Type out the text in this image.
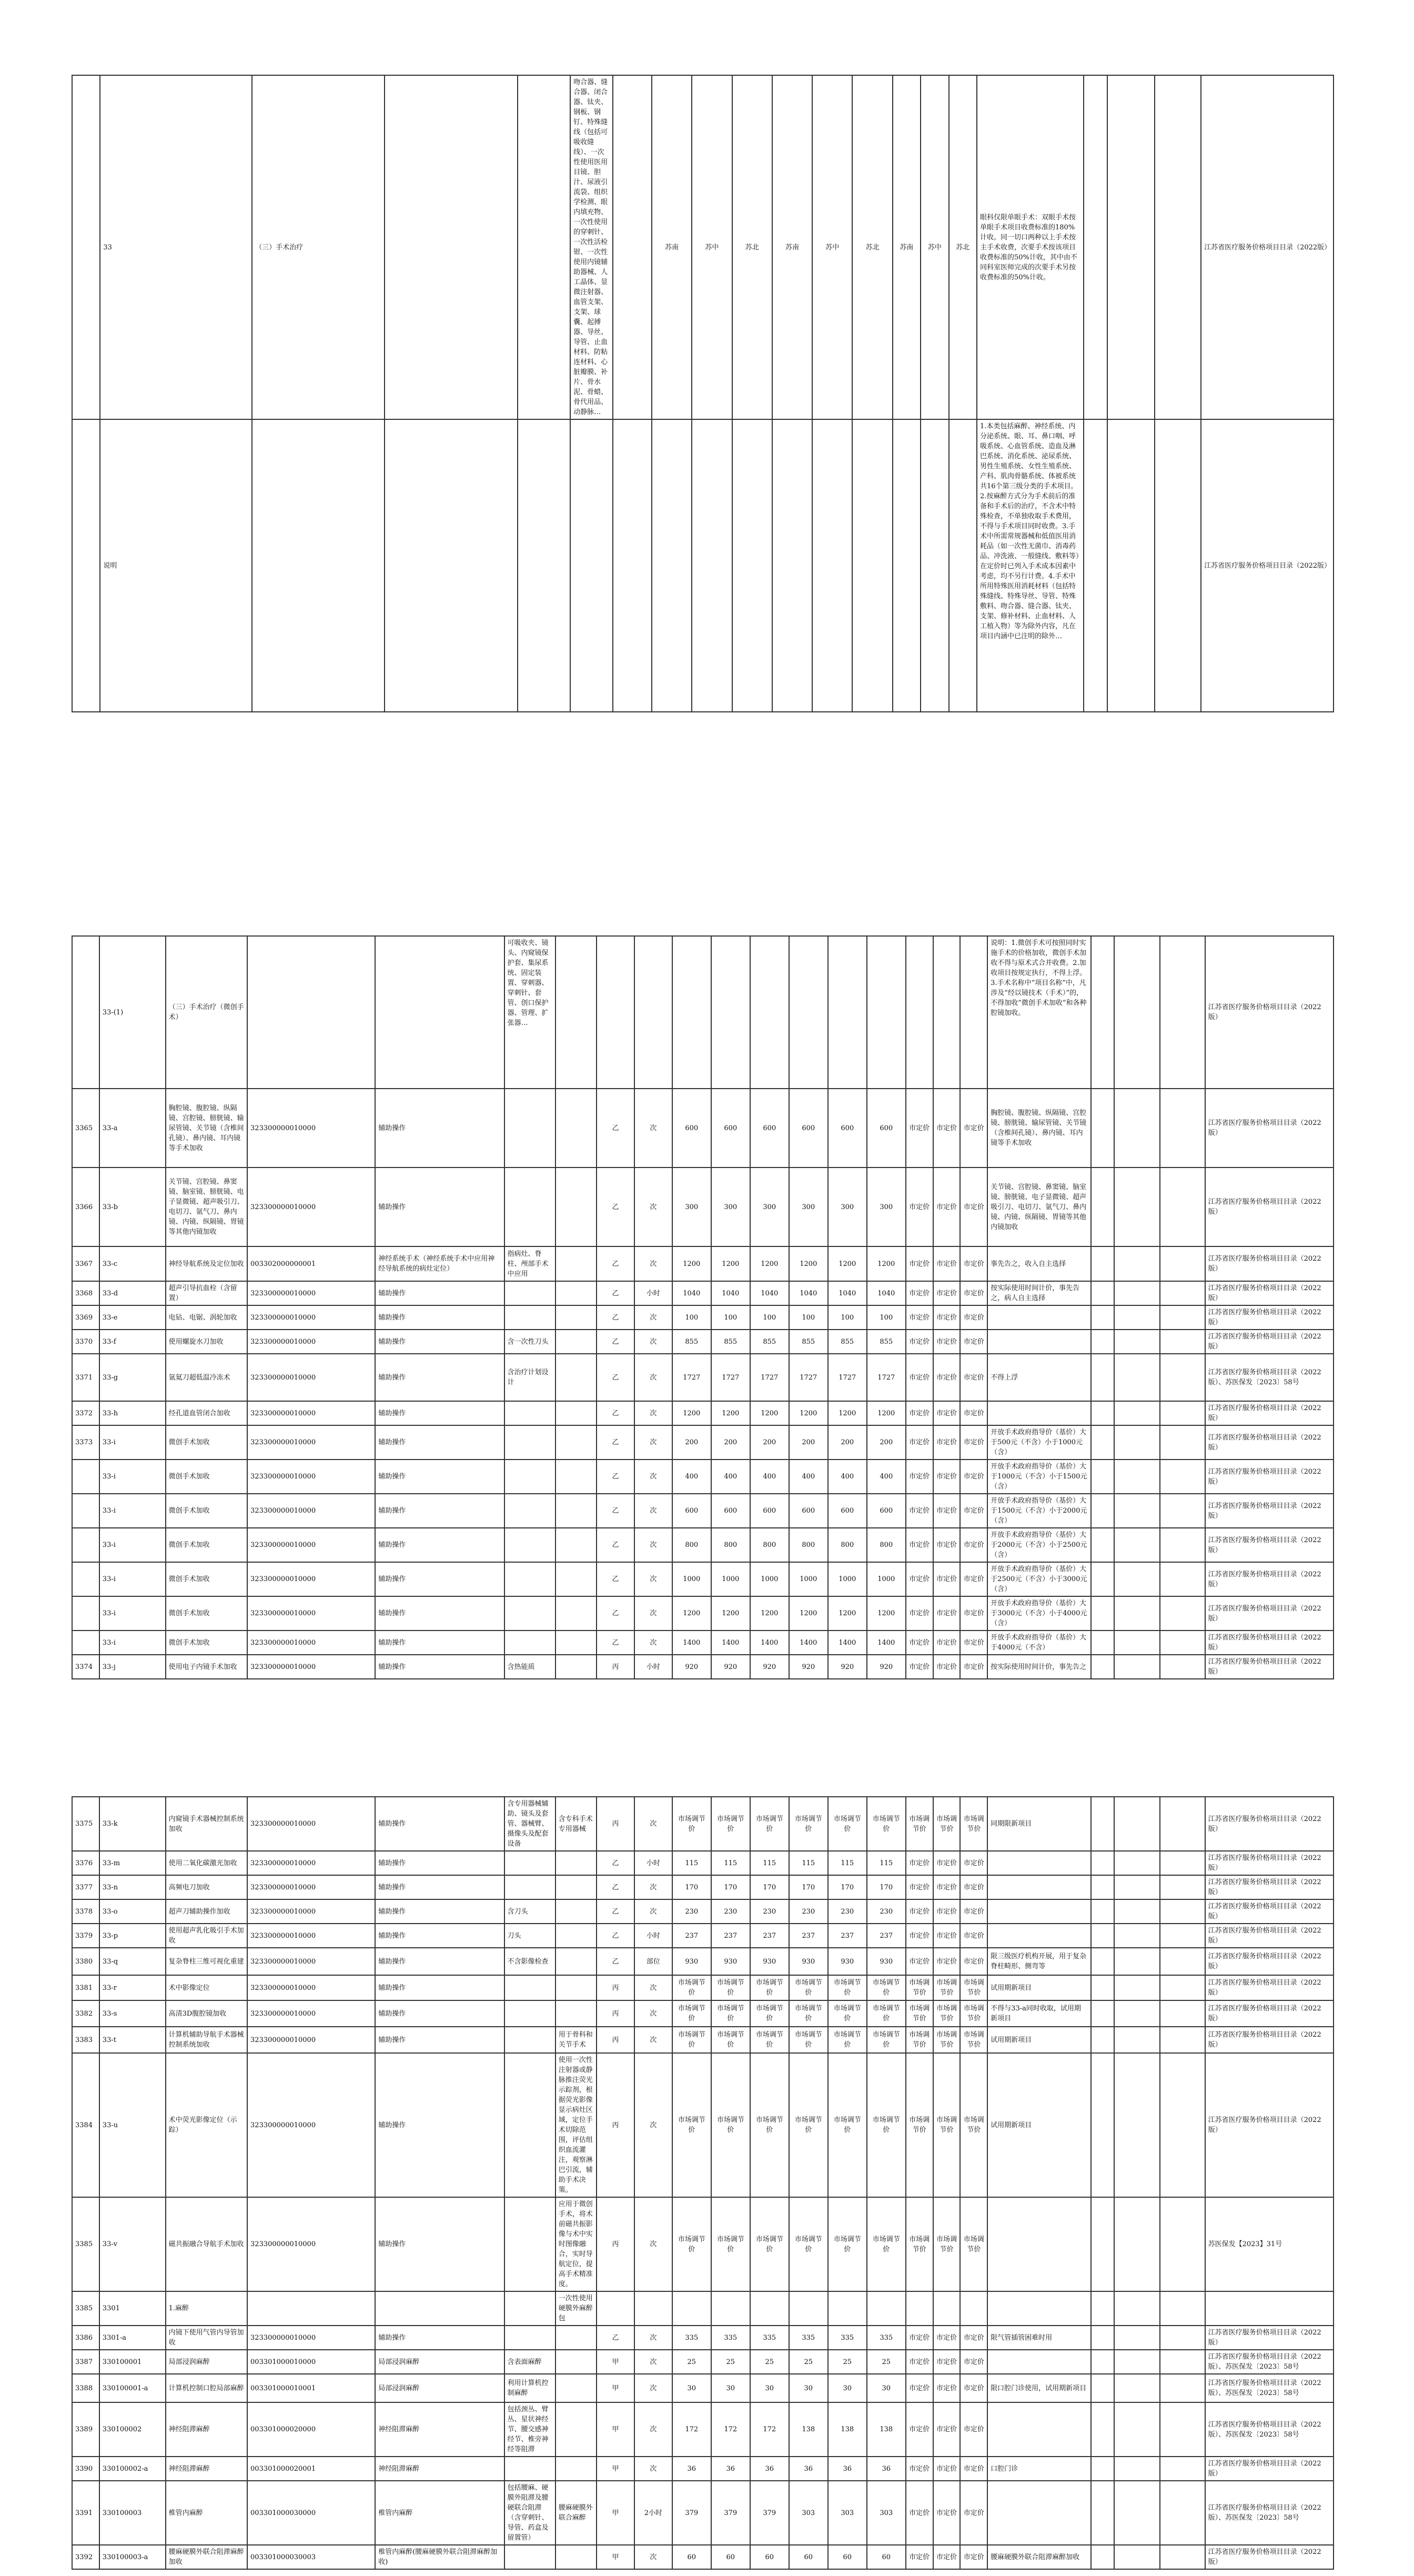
	33	（三）手术治疗			吻合器、缝合器、闭合器、钛夹、钢板、钢钉、特殊缝线（包括可吸收缝线）、一次性使用医用目镜、胆汁、尿液引流袋、组织学检测、眼内填充物、一次性使用的穿刺针、一次性活检钳、一次性使用内镜辅助器械、人工晶体、显微注射器、血管支架、支架、球囊、起搏器、导丝、导管、止血材料、防粘连材料、心脏瓣膜、补片、骨水泥、骨蜡、骨代用品、动静脉…		苏南	苏中	苏北	苏南	苏中	苏北	苏南	苏中	苏北	眼科仅限单眼手术：双眼手术按单眼手术项目收费标准的180%计收。同一切口两种以上手术按主手术收费，次要手术按该项目收费标准的50%计收，其中由不同科室医师完成的次要手术另按收费标准的50%计收。				江苏省医疗服务价格项目目录（2022版）
	说明															1.本类包括麻醉、神经系统、内分泌系统、眼、耳、鼻口咽、呼吸系统、心血管系统、造血及淋巴系统、消化系统、泌尿系统、男性生殖系统、女性生殖系统、产科、肌肉骨骼系统、体被系统共16个第三级分类的手术项目。2.按麻醉方式分为手术前后的准备和手术后的治疗，不含术中特殊检查，不单独收取手术费用，不得与手术项目同时收费。3.手术中所需常规器械和低值医用消耗品（如一次性无菌巾、消毒药品、冲洗液、一般缝线、敷料等）在定价时已列入手术成本因素中考虑，均不另行计费。4.手术中所用特殊医用消耗材料（包括特殊缝线、特殊导丝、导管、特殊敷料、吻合器、缝合器、钛夹、支架、修补材料、止血材料、人工植入物）等为除外内容，凡在项目内涵中已注明的除外…				江苏省医疗服务价格项目目录（2022版）
	33-(1)	（三）手术治疗（微创手术）			可吸收夹、镜头、内窥镜保护套、集尿系统、固定装置、穿刺器、穿刺针、套管、创口保护器、管理、扩张器…													说明：1.微创手术可按照同时实施手术的价格加收，微创手术加收不得与原术式合并收费。2.加收项目按规定执行，不得上浮。3.手术名称中“项目名称”中，凡涉及“经以镜技术（手术）”的，不得加收“微创手术加收”和各种腔镜加收。				江苏省医疗服务价格项目目录（2022版）
3365	33-a	胸腔镜、腹腔镜、纵隔镜、宫腔镜、膀胱镜、输尿管镜、关节镜（含椎间孔镜）、鼻内镜、耳内镜等手术加收	323300000010000	辅助操作			乙	次	600	600	600	600	600	600	市定价	市定价	市定价	胸腔镜、腹腔镜、纵隔镜、宫腔镜、膀胱镜、输尿管镜、关节镜（含椎间孔镜）、鼻内镜、耳内镜等手术加收				江苏省医疗服务价格项目目录（2022版）
3366	33-b	关节镜、宫腔镜、鼻窦镜、脑室镜、膀胱镜、电子显微镜、超声吸引刀、电切刀、氩气刀、鼻内镜、内镜、纵隔镜、胃镜等其他内镜加收	323300000010000	辅助操作			乙	次	300	300	300	300	300	300	市定价	市定价	市定价	关节镜、宫腔镜、鼻窦镜、脑室镜、膀胱镜、电子显微镜、超声吸引刀、电切刀、氩气刀、鼻内镜、内镜、纵隔镜、胃镜等其他内镜加收				江苏省医疗服务价格项目目录（2022版）
3367	33-c	神经导航系统及定位加收	003302000000001	神经系统手术（神经系统手术中应用神经导航系统的病灶定位）	指病灶、脊柱、颅部手术中应用		乙	次	1200	1200	1200	1200	1200	1200	市定价	市定价	市定价	事先告之，收入自主选择				江苏省医疗服务价格项目目录（2022版）
3368	33-d	超声引导抗血栓（含留置）	323300000010000	辅助操作			乙	小时	1040	1040	1040	1040	1040	1040	市定价	市定价	市定价	按实际使用时间计价，事先告之，病人自主选择				江苏省医疗服务价格项目目录（2022版）
3369	33-e	电钻、电锯、涡轮加收	323300000010000	辅助操作			乙	次	100	100	100	100	100	100	市定价	市定价	市定价					江苏省医疗服务价格项目目录（2022版）
3370	33-f	使用螺旋水刀加收	323300000010000	辅助操作	含一次性刀头		乙	次	855	855	855	855	855	855	市定价	市定价	市定价					江苏省医疗服务价格项目目录（2022版）
3371	33-g	氩氦刀超低温冷冻术	323300000010000	辅助操作	含治疗计划设计		乙	次	1727	1727	1727	1727	1727	1727	市定价	市定价	市定价	不得上浮				江苏省医疗服务价格项目目录（2022版）、苏医保发〔2023〕58号
3372	33-h	经孔道血管闭合加收	323300000010000	辅助操作			乙	次	1200	1200	1200	1200	1200	1200	市定价	市定价	市定价					江苏省医疗服务价格项目目录（2022版）
3373	33-i	微创手术加收	323300000010000	辅助操作			乙	次	200	200	200	200	200	200	市定价	市定价	市定价	开放手术政府指导价（基价）大于500元（不含）小于1000元（含）				江苏省医疗服务价格项目目录（2022版）
	33-i	微创手术加收	323300000010000	辅助操作			乙	次	400	400	400	400	400	400	市定价	市定价	市定价	开放手术政府指导价（基价）大于1000元（不含）小于1500元（含）				江苏省医疗服务价格项目目录（2022版）
	33-i	微创手术加收	323300000010000	辅助操作			乙	次	600	600	600	600	600	600	市定价	市定价	市定价	开放手术政府指导价（基价）大于1500元（不含）小于2000元（含）				江苏省医疗服务价格项目目录（2022版）
	33-i	微创手术加收	323300000010000	辅助操作			乙	次	800	800	800	800	800	800	市定价	市定价	市定价	开放手术政府指导价（基价）大于2000元（不含）小于2500元（含）				江苏省医疗服务价格项目目录（2022版）
	33-i	微创手术加收	323300000010000	辅助操作			乙	次	1000	1000	1000	1000	1000	1000	市定价	市定价	市定价	开放手术政府指导价（基价）大于2500元（不含）小于3000元（含）				江苏省医疗服务价格项目目录（2022版）
	33-i	微创手术加收	323300000010000	辅助操作			乙	次	1200	1200	1200	1200	1200	1200	市定价	市定价	市定价	开放手术政府指导价（基价）大于3000元（不含）小于4000元（含）				江苏省医疗服务价格项目目录（2022版）
	33-i	微创手术加收	323300000010000	辅助操作			乙	次	1400	1400	1400	1400	1400	1400	市定价	市定价	市定价	开放手术政府指导价（基价）大于4000元（不含）				江苏省医疗服务价格项目目录（2022版）
3374	33-j	使用电子内镜手术加收	323300000010000	辅助操作	含热能质		丙	小时	920	920	920	920	920	920	市定价	市定价	市定价	按实际使用时间计价，事先告之				江苏省医疗服务价格项目目录（2022版）
3375	33-k	内窥镜手术器械控制系统加收	323300000010000	辅助操作	含专用器械辅助、镜头及套管、器械臂、摄像头及配套设备	含专科手术专用器械	丙	次	市场调节价	市场调节价	市场调节价	市场调节价	市场调节价	市场调节价	市场调节价	市场调节价	市场调节价	同期限新项目				江苏省医疗服务价格项目目录（2022版）
3376	33-m	使用二氧化碳激光加收	323300000010000	辅助操作			乙	小时	115	115	115	115	115	115	市定价	市定价	市定价					江苏省医疗服务价格项目目录（2022版）
3377	33-n	高频电刀加收	323300000010000	辅助操作			乙	次	170	170	170	170	170	170	市定价	市定价	市定价					江苏省医疗服务价格项目目录（2022版）
3378	33-o	超声刀辅助操作加收	323300000010000	辅助操作	含刀头		乙	次	230	230	230	230	230	230	市定价	市定价	市定价					江苏省医疗服务价格项目目录（2022版）
3379	33-p	使用超声乳化吸引手术加收	323300000010000	辅助操作	刀头		乙	小时	237	237	237	237	237	237	市定价	市定价	市定价					江苏省医疗服务价格项目目录（2022版）
3380	33-q	复杂脊柱三维可视化重建	323300000010000	辅助操作	不含影像检查		乙	部位	930	930	930	930	930	930	市定价	市定价	市定价	限三级医疗机构开展，用于复杂脊柱畸形、侧弯等				江苏省医疗服务价格项目目录（2022版）
3381	33-r	术中影像定位	323300000010000	辅助操作			丙	次	市场调节价	市场调节价	市场调节价	市场调节价	市场调节价	市场调节价	市场调节价	市场调节价	市场调节价	试用期新项目				江苏省医疗服务价格项目目录（2022版）
3382	33-s	高清3D腹腔镜加收	323300000010000	辅助操作			丙	次	市场调节价	市场调节价	市场调节价	市场调节价	市场调节价	市场调节价	市场调节价	市场调节价	市场调节价	不得与33-a同时收取，试用期新项目				江苏省医疗服务价格项目目录（2022版）
3383	33-t	计算机辅助导航手术器械控制系统加收	323300000010000	辅助操作		用于骨科和关节手术	丙	次	市场调节价	市场调节价	市场调节价	市场调节价	市场调节价	市场调节价	市场调节价	市场调节价	市场调节价	试用期新项目				江苏省医疗服务价格项目目录（2022版）
3384	33-u	术中荧光影像定位（示踪）	323300000010000	辅助操作		使用一次性注射器或静脉推注荧光示踪剂，根据荧光影像显示病灶区域，定位手术切除范围，评估组织血流灌注，观察淋巴引流，辅助手术决策。	丙	次	市场调节价	市场调节价	市场调节价	市场调节价	市场调节价	市场调节价	市场调节价	市场调节价	市场调节价	试用期新项目				江苏省医疗服务价格项目目录（2022版）
3385	33-v	磁共振融合导航手术加收	323300000010000	辅助操作		应用于微创手术，将术前磁共振影像与术中实时图像融合，实时导航定位，提高手术精准度。	丙	次	市场调节价	市场调节价	市场调节价	市场调节价	市场调节价	市场调节价	市场调节价	市场调节价	市场调节价					苏医保发【2023】31号
3385	3301	1.麻醉				一次性使用硬膜外麻醉包																
3386	3301-a	内镜下使用气管内导管加收	323300000010000	辅助操作			乙	次	335	335	335	335	335	335	市定价	市定价	市定价	限气管插管困难时用				江苏省医疗服务价格项目目录（2022版）
3387	330100001	局部浸润麻醉	003301000010000	局部浸润麻醉	含表面麻醉		甲	次	25	25	25	25	25	25	市定价	市定价	市定价					江苏省医疗服务价格项目目录（2022版）、苏医保发〔2023〕58号
3388	330100001-a	计算机控制口腔局部麻醉	003301000010001	局部浸润麻醉	利用计算机控制麻醉		甲	次	30	30	30	30	30	30	市定价	市定价	市定价	限口腔门诊使用，试用期新项目				江苏省医疗服务价格项目目录（2022版）、苏医保发〔2023〕58号
3389	330100002	神经阻滞麻醉	003301000020000	神经阻滞麻醉	包括颈丛、臂丛、星状神经节、腰交感神经节、椎旁神经等阻滞		甲	次	172	172	172	138	138	138	市定价	市定价	市定价					江苏省医疗服务价格项目目录（2022版）、苏医保发〔2023〕58号
3390	330100002-a	神经阻滞麻醉	003301000020001	神经阻滞麻醉			甲	次	36	36	36	36	36	36	市定价	市定价	市定价	口腔门诊				江苏省医疗服务价格项目目录（2022版）
3391	330100003	椎管内麻醉	003301000030000	椎管内麻醉	包括腰麻、硬膜外阻滞及腰硬联合阻滞（含穿刺针、导管、药盒及留置管）	腰麻硬膜外联合麻醉	甲	2小时	379	379	379	303	303	303	市定价	市定价	市定价					江苏省医疗服务价格项目目录（2022版）、苏医保发〔2023〕58号
3392	330100003-a	腰麻硬膜外联合阻滞麻醉加收	003301000030003	椎管内麻醉(腰麻硬膜外联合阻滞麻醉加收)			甲	次	60	60	60	60	60	60	市定价	市定价	市定价	腰麻硬膜外联合阻滞麻醉加收				江苏省医疗服务价格项目目录（2022版）
